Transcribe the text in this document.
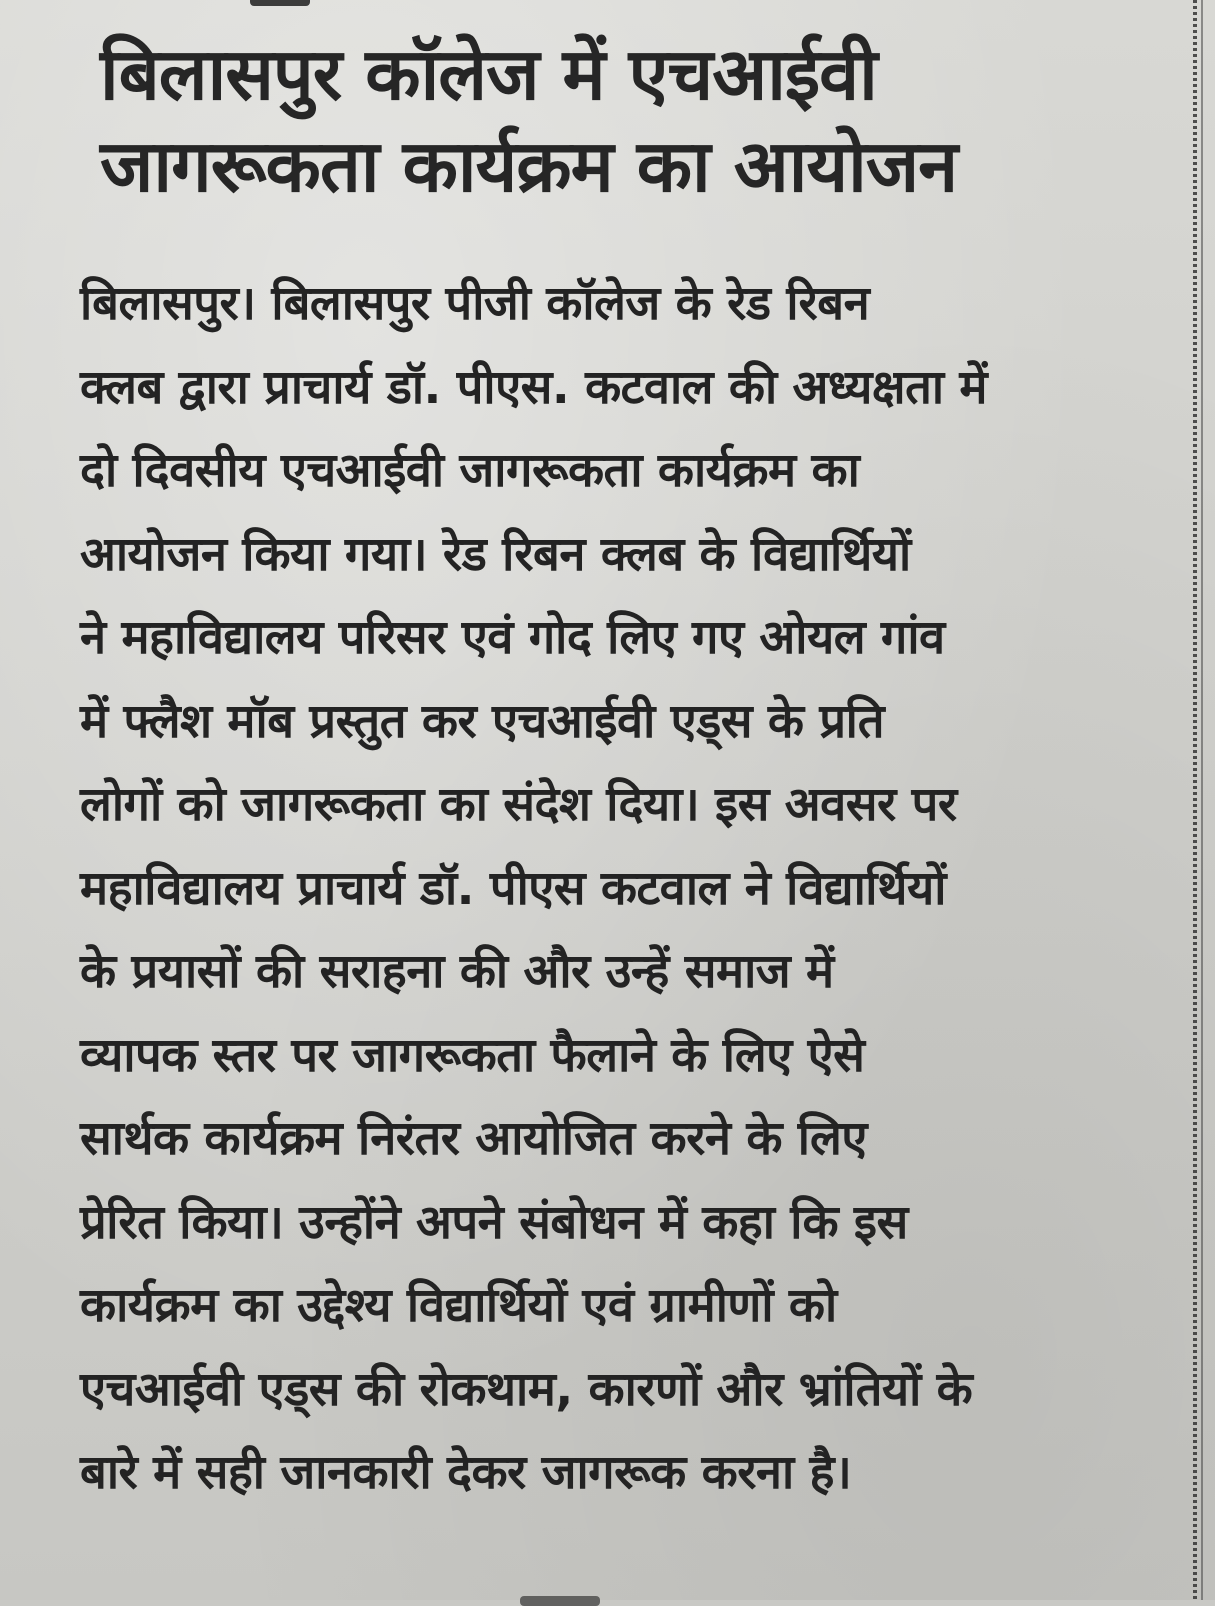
बिलासपुर कॉलेज में एचआईवी
जागरूकता कार्यक्रम का आयोजन
बिलासपुर। बिलासपुर पीजी कॉलेज के रेड रिबन
क्लब द्वारा प्राचार्य डॉ. पीएस. कटवाल की अध्यक्षता में
दो दिवसीय एचआईवी जागरूकता कार्यक्रम का
आयोजन किया गया। रेड रिबन क्लब के विद्यार्थियों
ने महाविद्यालय परिसर एवं गोद लिए गए ओयल गांव
में फ्लैश मॉब प्रस्तुत कर एचआईवी एड्स के प्रति
लोगों को जागरूकता का संदेश दिया। इस अवसर पर
महाविद्यालय प्राचार्य डॉ. पीएस कटवाल ने विद्यार्थियों
के प्रयासों की सराहना की और उन्हें समाज में
व्यापक स्तर पर जागरूकता फैलाने के लिए ऐसे
सार्थक कार्यक्रम निरंतर आयोजित करने के लिए
प्रेरित किया। उन्होंने अपने संबोधन में कहा कि इस
कार्यक्रम का उद्देश्य विद्यार्थियों एवं ग्रामीणों को
एचआईवी एड्स की रोकथाम, कारणों और भ्रांतियों के
बारे में सही जानकारी देकर जागरूक करना है।
